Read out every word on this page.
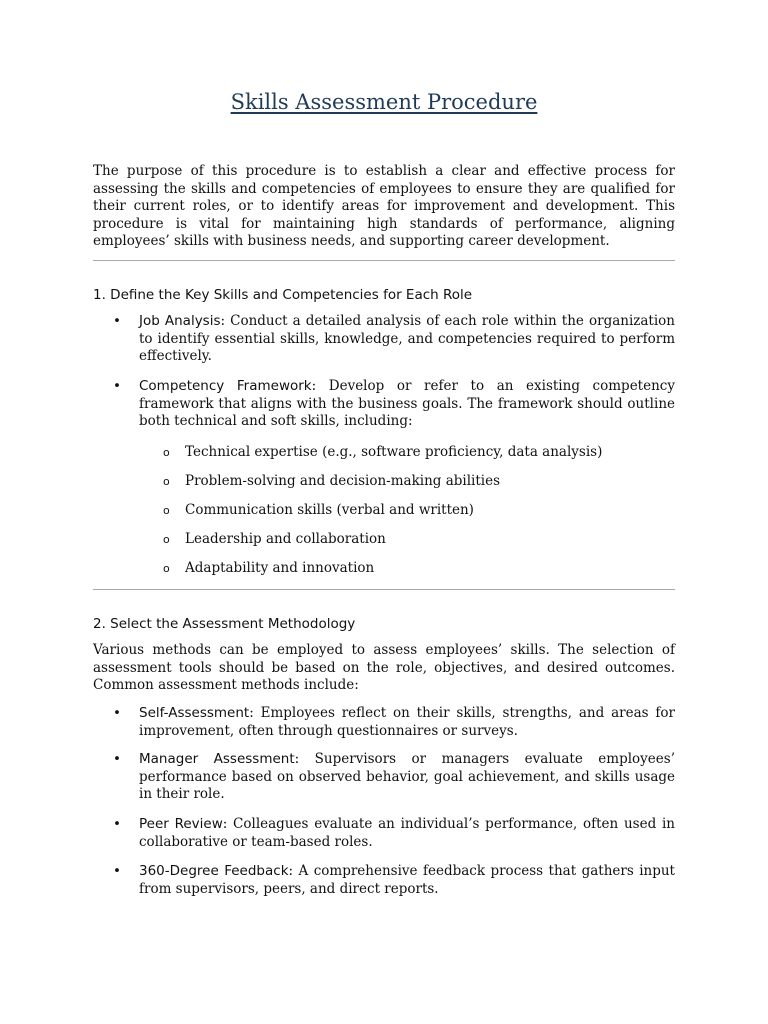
Skills Assessment Procedure
The purpose of this procedure is to establish a clear and effective process for assessing the skills and competencies of employees to ensure they are qualified for their current roles, or to identify areas for improvement and development. This procedure is vital for maintaining high standards of performance, aligning employees’ skills with business needs, and supporting career development.
1. Define the Key Skills and Competencies for Each Role
• Job Analysis: Conduct a detailed analysis of each role within the organization to identify essential skills, knowledge, and competencies required to perform effectively.
• Competency Framework: Develop or refer to an existing competency framework that aligns with the business goals. The framework should outline both technical and soft skills, including:
o Technical expertise (e.g., software proficiency, data analysis)
o Problem-solving and decision-making abilities
o Communication skills (verbal and written)
o Leadership and collaboration
o Adaptability and innovation
2. Select the Assessment Methodology
Various methods can be employed to assess employees’ skills. The selection of assessment tools should be based on the role, objectives, and desired outcomes. Common assessment methods include:
• Self-Assessment: Employees reflect on their skills, strengths, and areas for improvement, often through questionnaires or surveys.
• Manager Assessment: Supervisors or managers evaluate employees’ performance based on observed behavior, goal achievement, and skills usage in their role.
• Peer Review: Colleagues evaluate an individual’s performance, often used in collaborative or team-based roles.
• 360-Degree Feedback: A comprehensive feedback process that gathers input from supervisors, peers, and direct reports.
